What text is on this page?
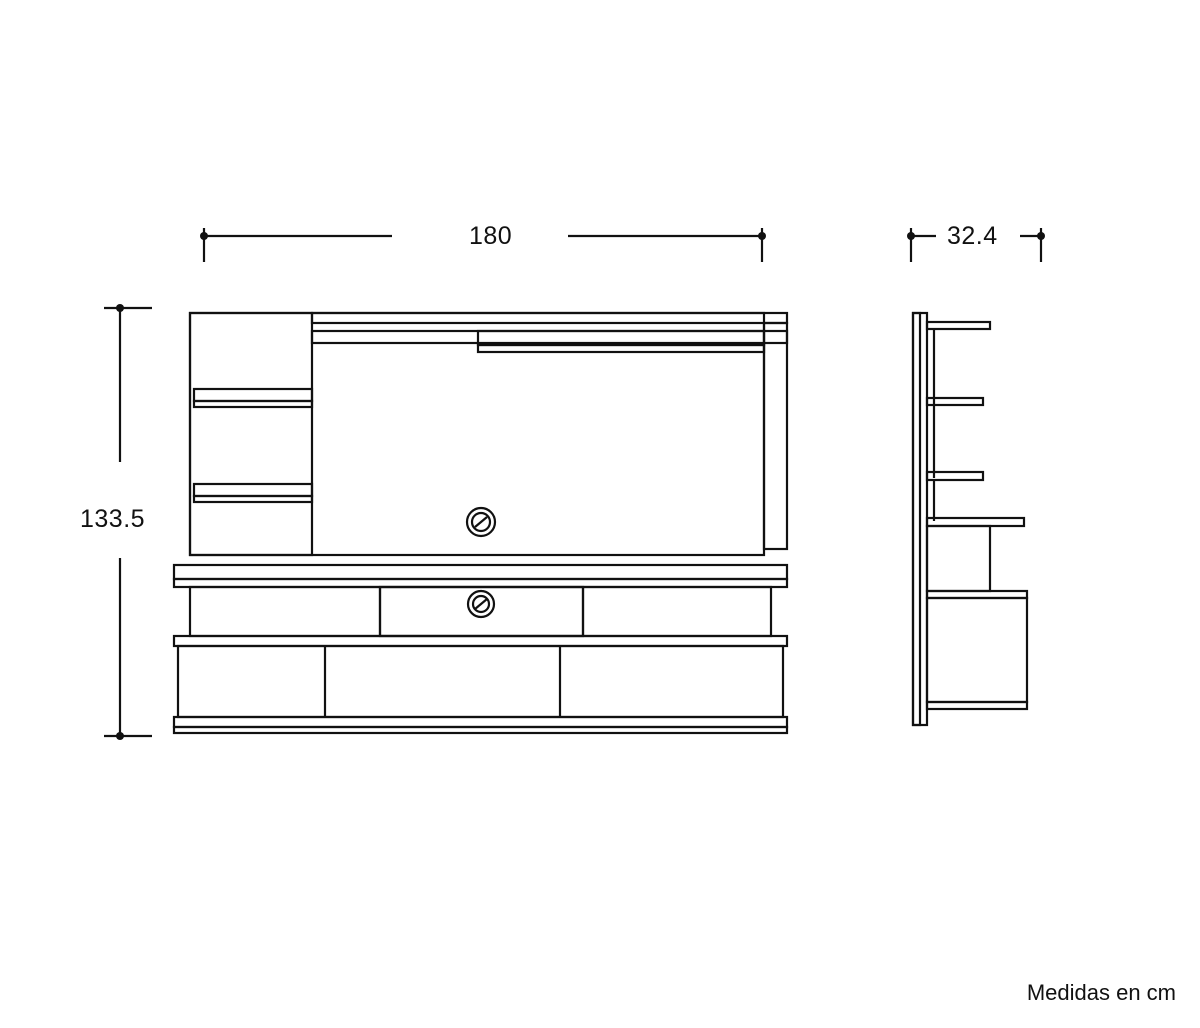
180
133.5
32.4
Medidas en cm
